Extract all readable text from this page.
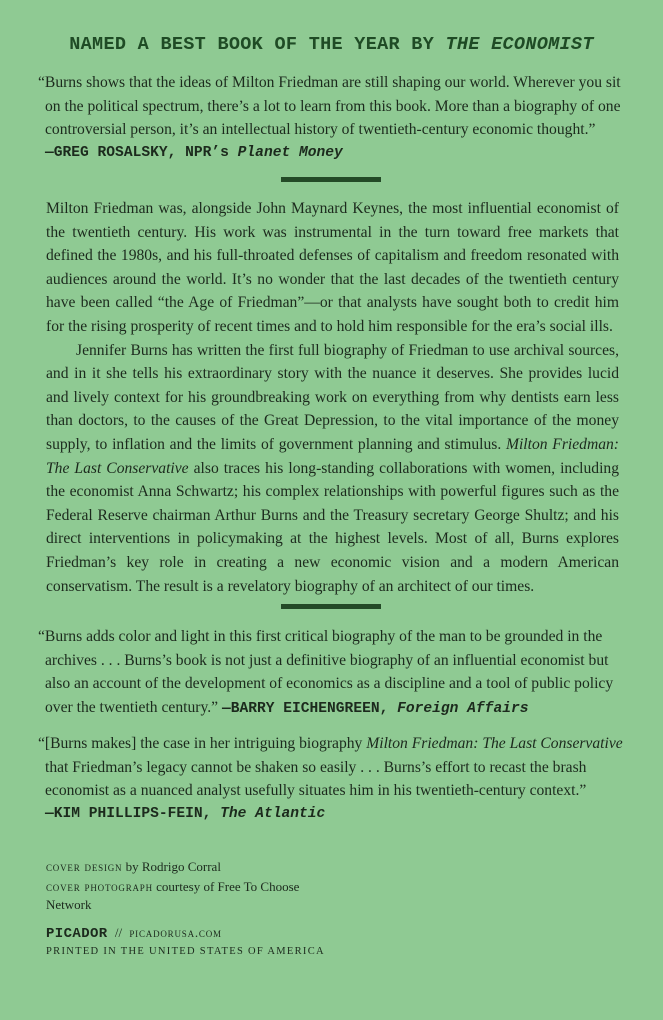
NAMED A BEST BOOK OF THE YEAR BY THE ECONOMIST
“Burns shows that the ideas of Milton Friedman are still shaping our world. Wherever you sit on the political spectrum, there’s a lot to learn from this book. More than a biography of one controversial person, it’s an intellectual history of twentieth-century economic thought.”
—GREG ROSALSKY, NPR’s Planet Money

Milton Friedman was, alongside John Maynard Keynes, the most influential economist of the twentieth century. His work was instrumental in the turn toward free markets that defined the 1980s, and his full-throated defenses of capitalism and freedom resonated with audiences around the world. It’s no wonder that the last decades of the twentieth century have been called “the Age of Friedman”—or that analysts have sought both to credit him for the rising prosperity of recent times and to hold him responsible for the era’s social ills.

Jennifer Burns has written the first full biography of Friedman to use archival sources, and in it she tells his extraordinary story with the nuance it deserves. She provides lucid and lively context for his groundbreaking work on everything from why dentists earn less than doctors, to the causes of the Great Depression, to the vital importance of the money supply, to inflation and the limits of government planning and stimulus. Milton Friedman: The Last Conservative also traces his long-standing collaborations with women, including the economist Anna Schwartz; his complex relationships with powerful figures such as the Federal Reserve chairman Arthur Burns and the Treasury secretary George Shultz; and his direct interventions in policymaking at the highest levels. Most of all, Burns explores Friedman’s key role in creating a new economic vision and a modern American conservatism. The result is a revelatory biography of an architect of our times.

“Burns adds color and light in this first critical biography of the man to be grounded in the archives . . . Burns’s book is not just a definitive biography of an influential economist but also an account of the development of economics as a discipline and a tool of public policy over the twentieth century.” —BARRY EICHENGREEN, Foreign Affairs
“[Burns makes] the case in her intriguing biography Milton Friedman: The Last Conservative that Friedman’s legacy cannot be shaken so easily . . . Burns’s effort to recast the brash economist as a nuanced analyst usefully situates him in his twentieth-century context.”
—KIM PHILLIPS-FEIN, The Atlantic
cover design by Rodrigo Corral
cover photograph courtesy of Free To Choose Network
PICADOR // picadorusa.com
PRINTED IN THE UNITED STATES OF AMERICA
